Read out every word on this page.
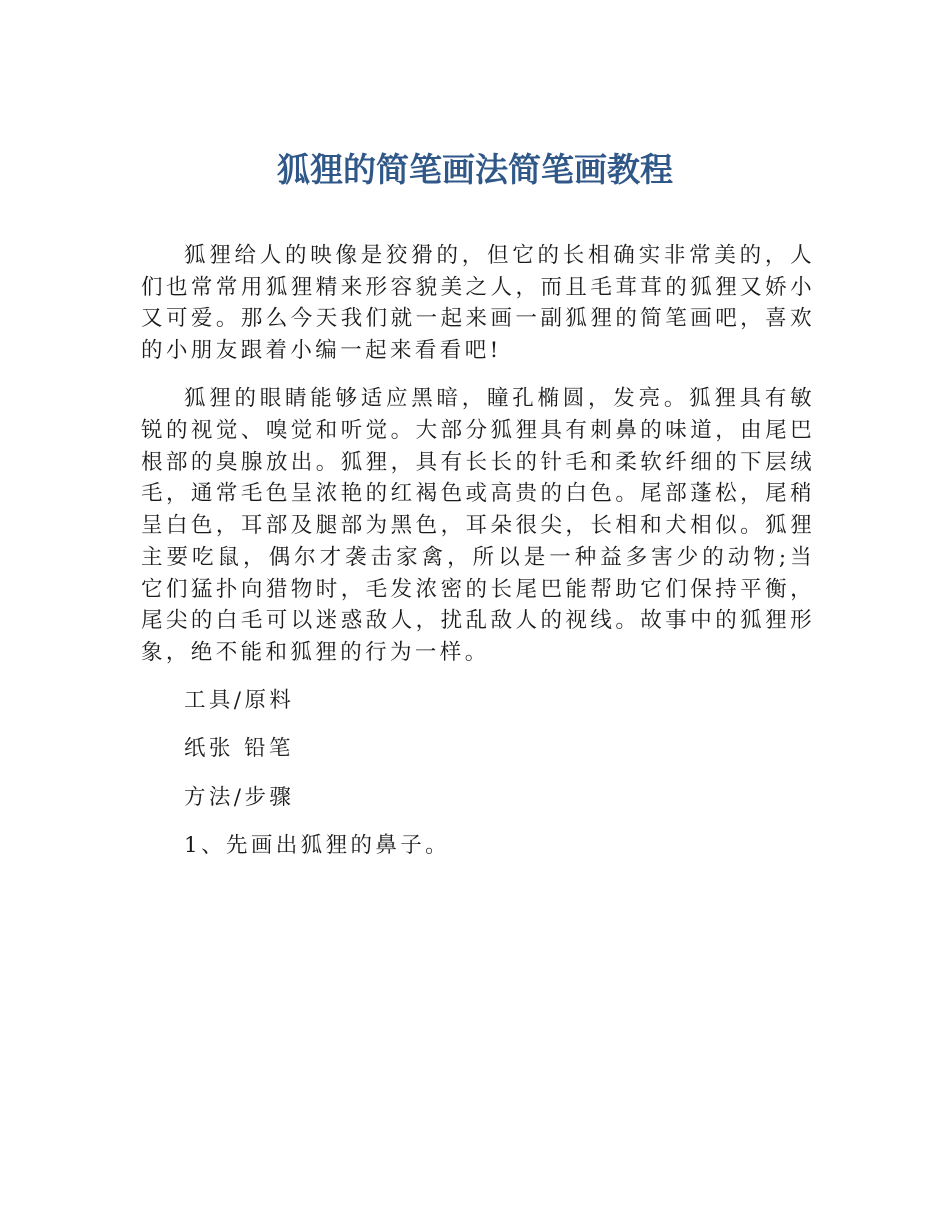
狐狸的简笔画法简笔画教程

狐狸给人的映像是狡猾的，但它的长相确实非常美的，人们也常常用狐狸精来形容貌美之人，而且毛茸茸的狐狸又娇小又可爱。那么今天我们就一起来画一副狐狸的简笔画吧，喜欢的小朋友跟着小编一起来看看吧!

狐狸的眼睛能够适应黑暗，瞳孔椭圆，发亮。狐狸具有敏锐的视觉、嗅觉和听觉。大部分狐狸具有刺鼻的味道，由尾巴根部的臭腺放出。狐狸，具有长长的针毛和柔软纤细的下层绒毛，通常毛色呈浓艳的红褐色或高贵的白色。尾部蓬松，尾稍呈白色，耳部及腿部为黑色，耳朵很尖，长相和犬相似。狐狸主要吃鼠，偶尔才袭击家禽，所以是一种益多害少的动物;当它们猛扑向猎物时，毛发浓密的长尾巴能帮助它们保持平衡，尾尖的白毛可以迷惑敌人，扰乱敌人的视线。故事中的狐狸形象，绝不能和狐狸的行为一样。

工具/原料

纸张 铅笔

方法/步骤

1、先画出狐狸的鼻子。
